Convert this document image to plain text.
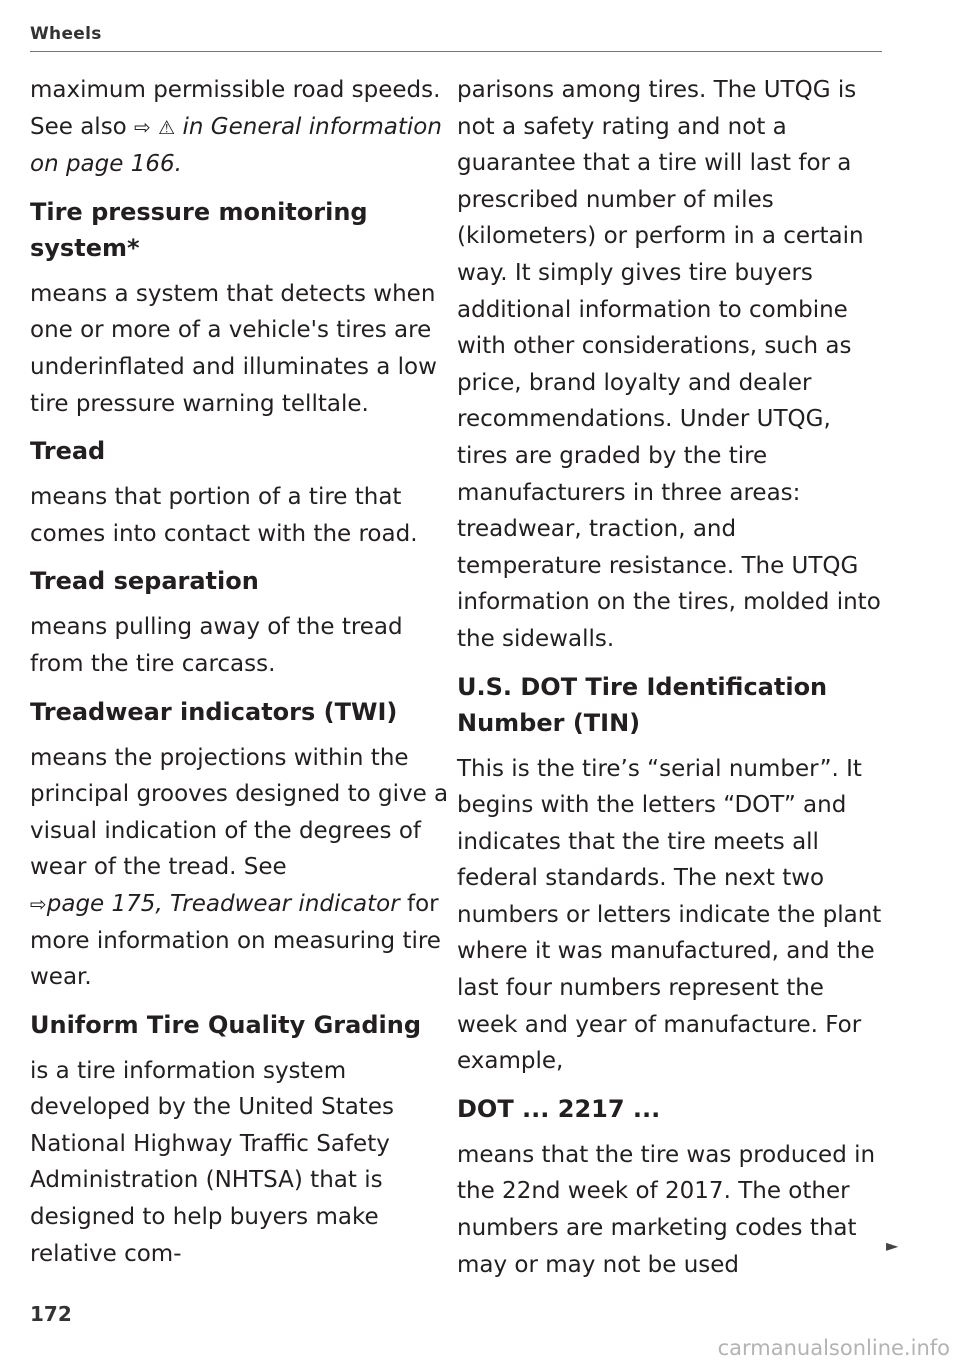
Wheels

maximum permissible road speeds. See also ⇨ ⚠ in General information on page 166.

Tire pressure monitoring system*

means a system that detects when one or more of a vehicle's tires are underinflated and illuminates a low tire pressure warning telltale.

Tread

means that portion of a tire that comes into contact with the road.

Tread separation

means pulling away of the tread from the tire carcass.

Treadwear indicators (TWI)

means the projections within the principal grooves designed to give a visual indication of the degrees of wear of the tread. See
⇨page 175, Treadwear indicator for more information on measuring tire wear.

Uniform Tire Quality Grading

is a tire information system developed by the United States National Highway Traffic Safety Administration (NHTSA) that is designed to help buyers make relative com-

parisons among tires. The UTQG is not a safety rating and not a guarantee that a tire will last for a prescribed number of miles (kilometers) or perform in a certain way. It simply gives tire buyers additional information to combine with other considerations, such as price, brand loyalty and dealer recommendations. Under UTQG, tires are graded by the tire manufacturers in three areas: treadwear, traction, and temperature resistance. The UTQG information on the tires, molded into the sidewalls.

U.S. DOT Tire Identification Number (TIN)

This is the tire’s “serial number”. It begins with the letters “DOT” and indicates that the tire meets all federal standards. The next two numbers or letters indicate the plant where it was manufactured, and the last four numbers represent the week and year of manufacture. For example,

DOT ... 2217 ...

means that the tire was produced in the 22nd week of 2017. The other numbers are marketing codes that may or may not be used

►
172
carmanualsonline.info
